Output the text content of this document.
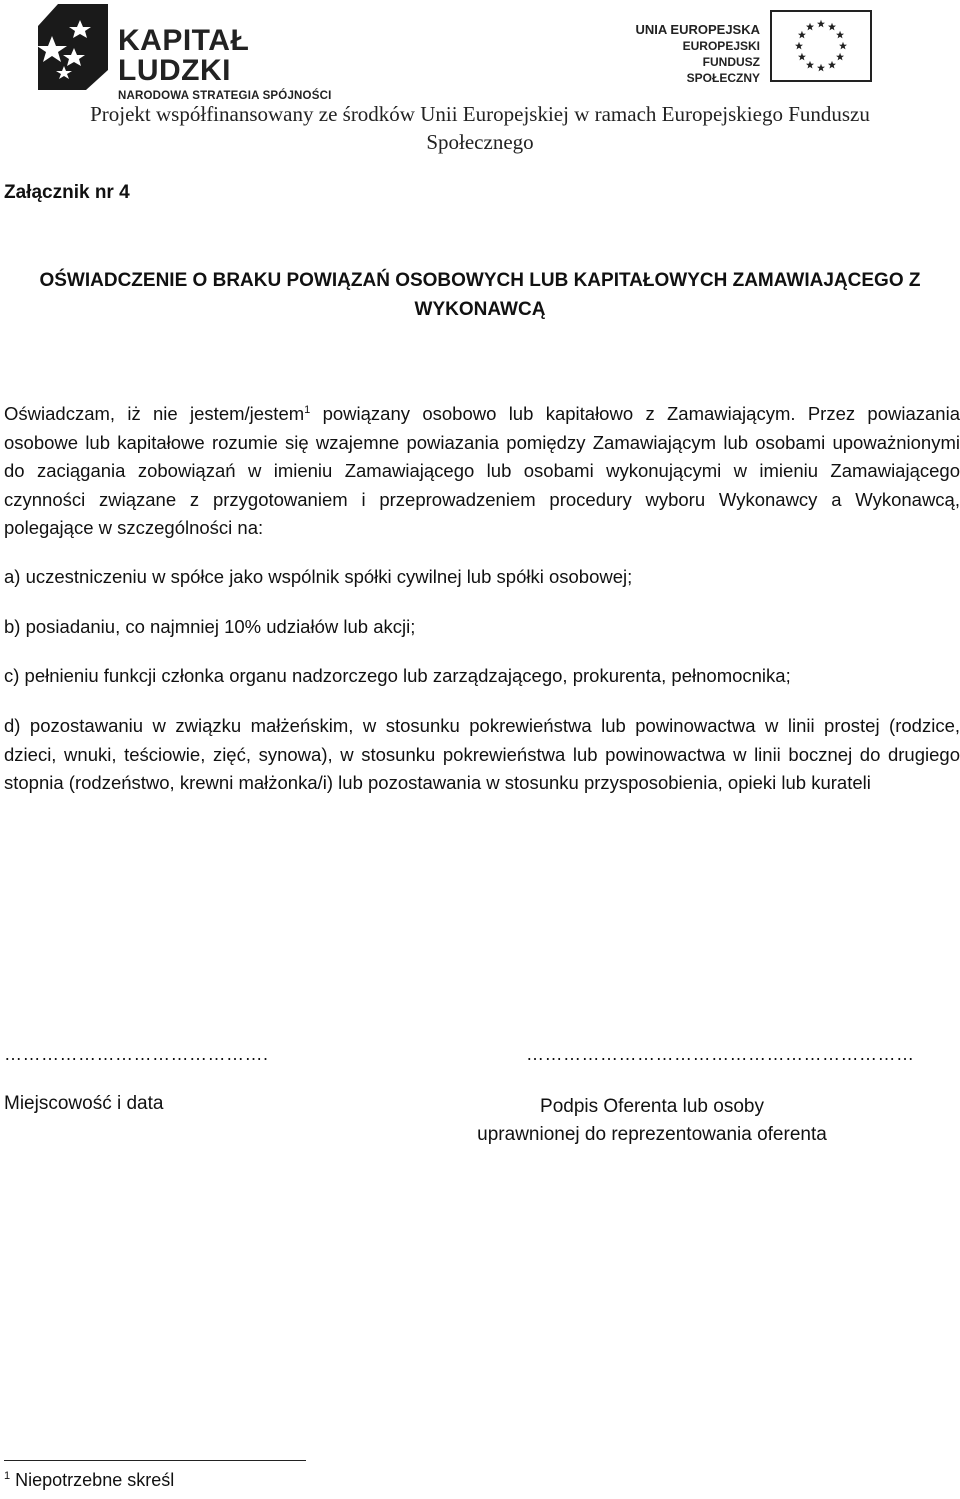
KAPITAŁ LUDZKI
NARODOWA STRATEGIA SPÓJNOŚCI
UNIA EUROPEJSKA
EUROPEJSKI
FUNDUSZ SPOŁECZNY
Projekt współfinansowany ze środków Unii Europejskiej w ramach Europejskiego Funduszu
Społecznego
Załącznik nr 4
OŚWIADCZENIE O BRAKU POWIĄZAŃ OSOBOWYCH LUB KAPITAŁOWYCH ZAMAWIAJĄCEGO Z
WYKONAWCĄ
Oświadczam, iż nie jestem/jestem$^1$ powiązany osobowo lub kapitałowo z Zamawiającym. Przez powiazania osobowe lub kapitałowe rozumie się wzajemne powiazania pomiędzy Zamawiającym lub osobami upoważnionymi do zaciągania zobowiązań w imieniu Zamawiającego lub osobami wykonującymi w imieniu Zamawiającego czynności związane z przygotowaniem i przeprowadzeniem procedury wyboru Wykonawcy a Wykonawcą, polegające w szczególności na:
a) uczestniczeniu w spółce jako wspólnik spółki cywilnej lub spółki osobowej;
b) posiadaniu, co najmniej 10% udziałów lub akcji;
c) pełnieniu funkcji członka organu nadzorczego lub zarządzającego, prokurenta, pełnomocnika;
d) pozostawaniu w związku małżeńskim, w stosunku pokrewieństwa lub powinowactwa w linii prostej (rodzice, dzieci, wnuki, teściowie, zięć, synowa), w stosunku pokrewieństwa lub powinowactwa w linii bocznej do drugiego stopnia (rodzeństwo, krewni małżonka/i) lub pozostawania w stosunku przysposobienia, opieki lub kurateli
…………………………………….	………………………………………………………
Miejscowość i data	Podpis Oferenta lub osoby
uprawnionej do reprezentowania oferenta
$^1$ Niepotrzebne skreśl
